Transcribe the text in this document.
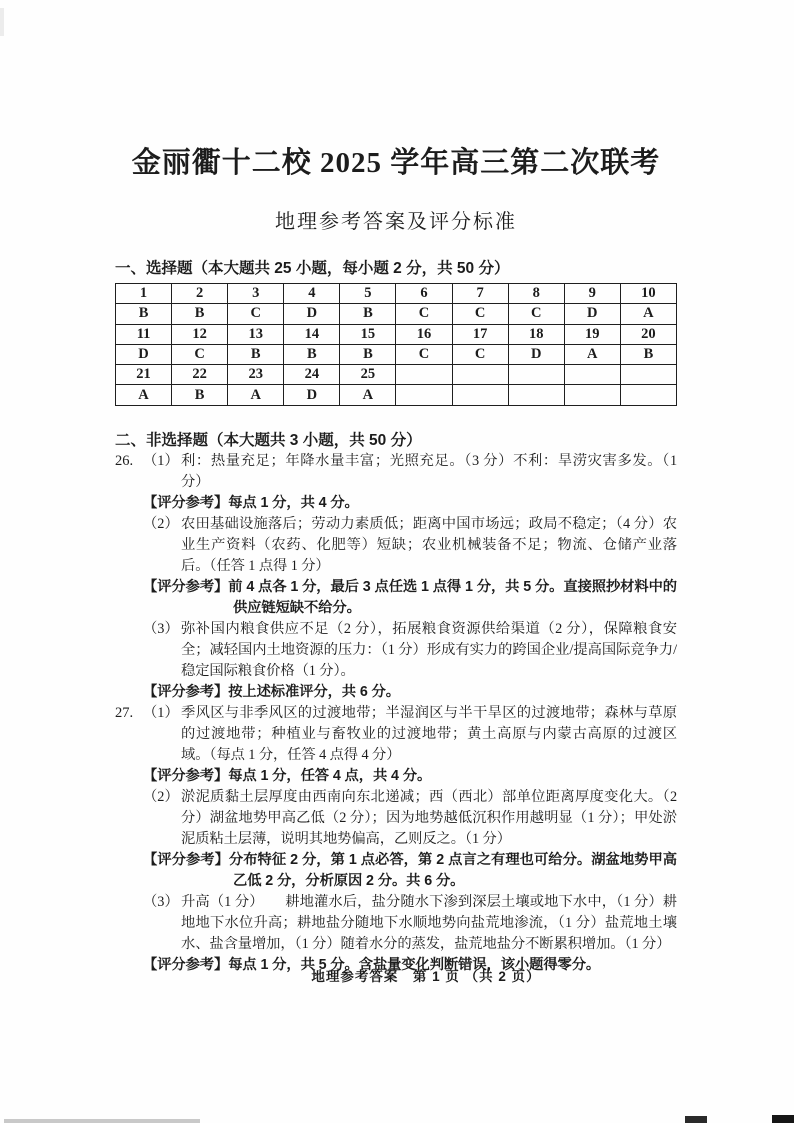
金丽衢十二校 2025 学年高三第二次联考
地理参考答案及评分标准
一、选择题（本大题共 25 小题，每小题 2 分，共 50 分）
1	2	3	4	5	6	7	8	9	10
B	B	C	D	B	C	C	C	D	A
11	12	13	14	15	16	17	18	19	20
D	C	B	B	B	C	C	D	A	B
21	22	23	24	25					
A	B	A	D	A					
二、非选择题（本大题共 3 小题，共 50 分）
26. （1） 利：热量充足；年降水量丰富；光照充足。（3 分）不利：旱涝灾害多发。（1 分）
【评分参考】每点 1 分，共 4 分。
（2） 农田基础设施落后；劳动力素质低；距离中国市场远；政局不稳定；（4 分）农业生产资料（农药、化肥等）短缺；农业机械装备不足；物流、仓储产业落后。（任答 1 点得 1 分）
【评分参考】前 4 点各 1 分，最后 3 点任选 1 点得 1 分，共 5 分。直接照抄材料中的供应链短缺不给分。
（3） 弥补国内粮食供应不足（2 分），拓展粮食资源供给渠道（2 分），保障粮食安全；减轻国内土地资源的压力：（1 分）形成有实力的跨国企业/提高国际竞争力/稳定国际粮食价格（1 分）。
【评分参考】按上述标准评分，共 6 分。
27. （1） 季风区与非季风区的过渡地带；半湿润区与半干旱区的过渡地带；森林与草原的过渡地带；种植业与畜牧业的过渡地带；黄土高原与内蒙古高原的过渡区域。（每点 1 分，任答 4 点得 4 分）
【评分参考】每点 1 分，任答 4 点，共 4 分。
（2） 淤泥质黏土层厚度由西南向东北递减；西（西北）部单位距离厚度变化大。（2 分）湖盆地势甲高乙低（2 分）；因为地势越低沉积作用越明显（1 分）；甲处淤泥质粘土层薄，说明其地势偏高，乙则反之。（1 分）
【评分参考】分布特征 2 分，第 1 点必答，第 2 点言之有理也可给分。湖盆地势甲高乙低 2 分，分析原因 2 分。共 6 分。
（3） 升高（1 分）　　耕地灌水后，盐分随水下渗到深层土壤或地下水中，（1 分）耕地地下水位升高；耕地盐分随地下水顺地势向盐荒地渗流，（1 分）盐荒地土壤水、盐含量增加，（1 分）随着水分的蒸发，盐荒地盐分不断累积增加。（1 分）
【评分参考】每点 1 分，共 5 分。含盐量变化判断错误，该小题得零分。
地理参考答案　第 1 页 （共 2 页）
